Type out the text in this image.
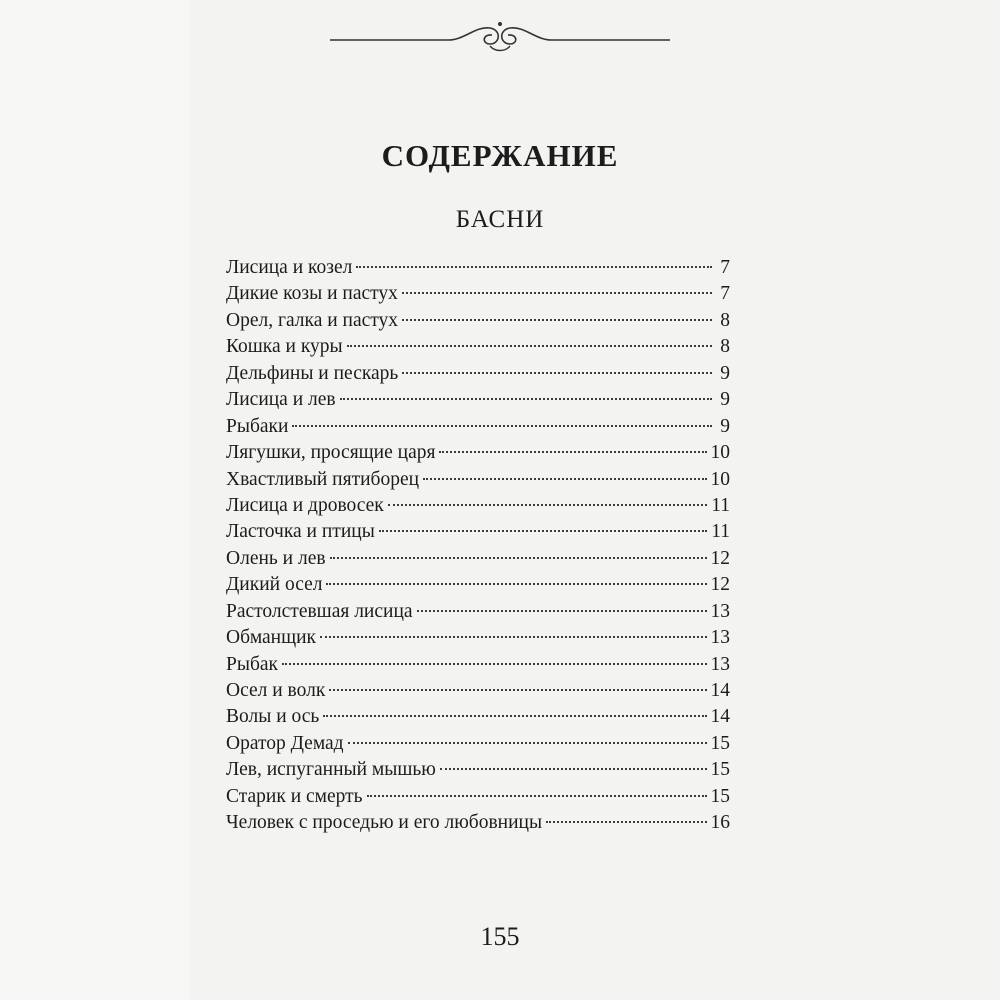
СОДЕРЖАНИЕ
БАСНИ
Лисица и козел	7
Дикие козы и пастух	7
Орел, галка и пастух	8
Кошка и куры	8
Дельфины и пескарь	9
Лисица и лев	9
Рыбаки	9
Лягушки, просящие царя	10
Хвастливый пятиборец	10
Лисица и дровосек	11
Ласточка и птицы	11
Олень и лев	12
Дикий осел	12
Растолстевшая лисица	13
Обманщик	13
Рыбак	13
Осел и волк	14
Волы и ось	14
Оратор Демад	15
Лев, испуганный мышью	15
Старик и смерть	15
Человек с проседью и его любовницы	16
155
